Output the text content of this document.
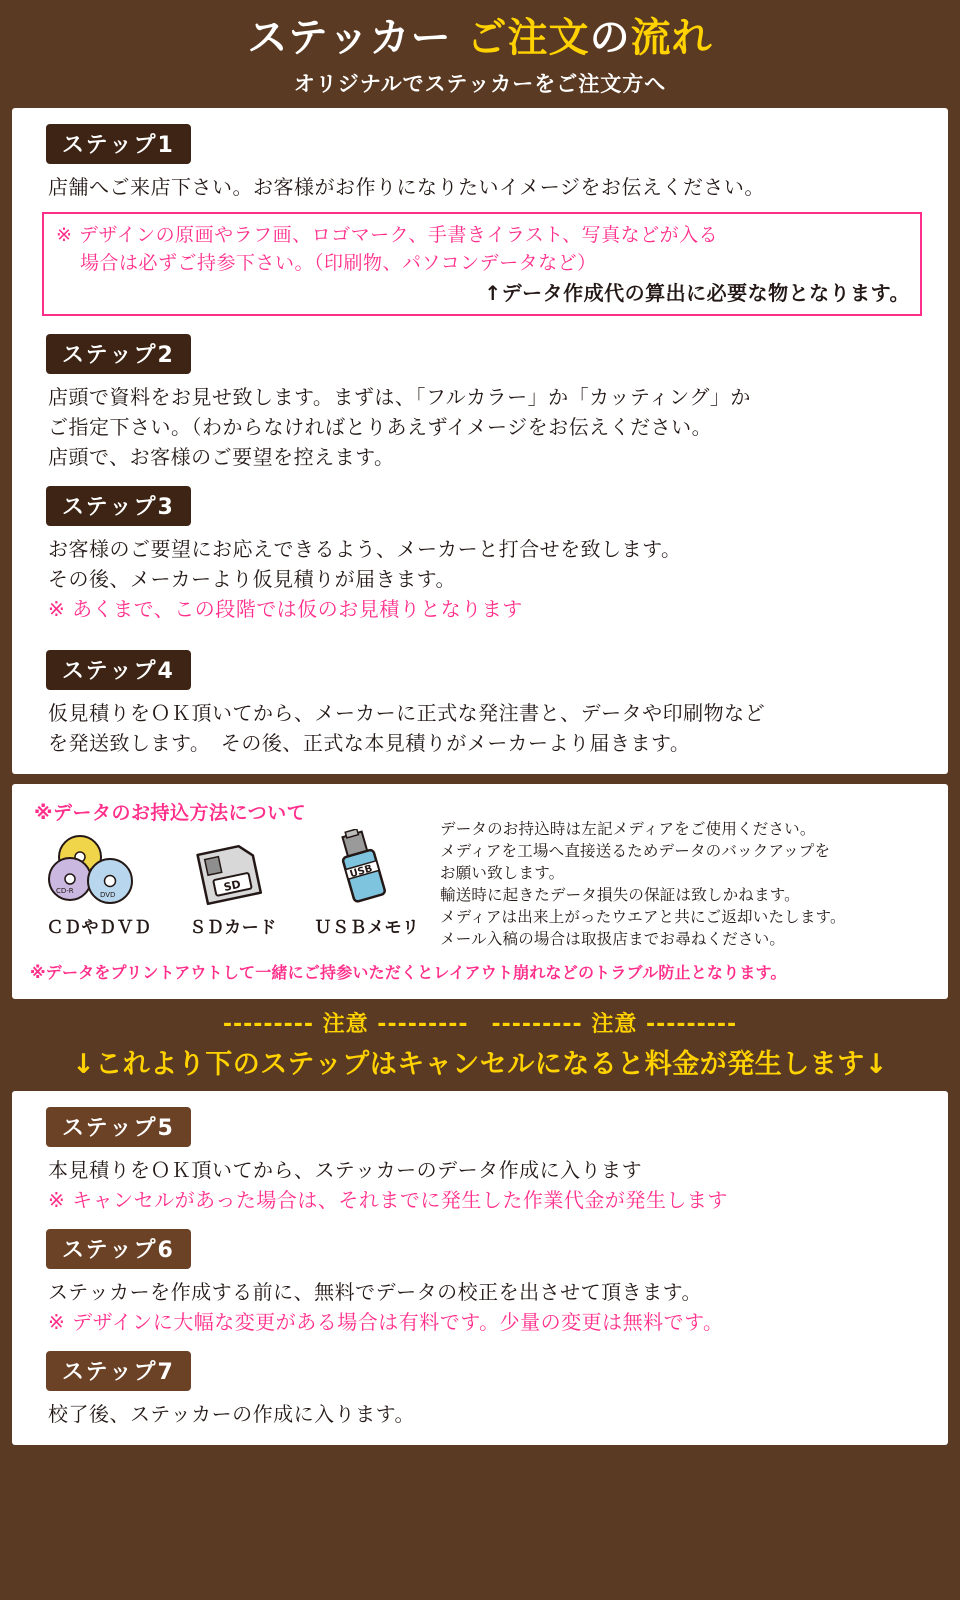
ステッカー ご注文の流れ
オリジナルでステッカーをご注文方へ
ステップ1
店舗へご来店下さい。お客様がお作りになりたいイメージをお伝えください。
※ デザインの原画やラフ画、ロゴマーク、手書きイラスト、写真などが入る
場合は必ずご持参下さい。（印刷物、パソコンデータなど）
↑データ作成代の算出に必要な物となります。
ステップ2
店頭で資料をお見せ致します。まずは、「フルカラー」か「カッティング」か
ご指定下さい。（わからなければとりあえずイメージをお伝えください。
店頭で、お客様のご要望を控えます。
ステップ3
お客様のご要望にお応えできるよう、メーカーと打合せを致します。
その後、メーカーより仮見積りが届きます。
※ あくまで、この段階では仮のお見積りとなります
ステップ4
仮見積りをＯＫ頂いてから、メーカーに正式な発注書と、データや印刷物など
を発送致します。　その後、正式な本見積りがメーカーより届きます。
※データのお持込方法について
CD-R	DVD
ＣＤやＤＶＤ
SD
ＳＤカード
USB
ＵＳＢメモリ
データのお持込時は左記メディアをご使用ください。
メディアを工場へ直接送るためデータのバックアップを
お願い致します。
輸送時に起きたデータ損失の保証は致しかねます。
メディアは出来上がったウエアと共にご返却いたします。
メール入稿の場合は取扱店までお尋ねください。
※データをプリントアウトして一緒にご持参いただくとレイアウト崩れなどのトラブル防止となります。
--------- 注意 ---------　--------- 注意 ---------
↓これより下のステップはキャンセルになると料金が発生します↓
ステップ5
本見積りをＯＫ頂いてから、ステッカーのデータ作成に入ります
※ キャンセルがあった場合は、それまでに発生した作業代金が発生します
ステップ6
ステッカーを作成する前に、無料でデータの校正を出させて頂きます。
※ デザインに大幅な変更がある場合は有料です。少量の変更は無料です。
ステップ7
校了後、ステッカーの作成に入ります。
